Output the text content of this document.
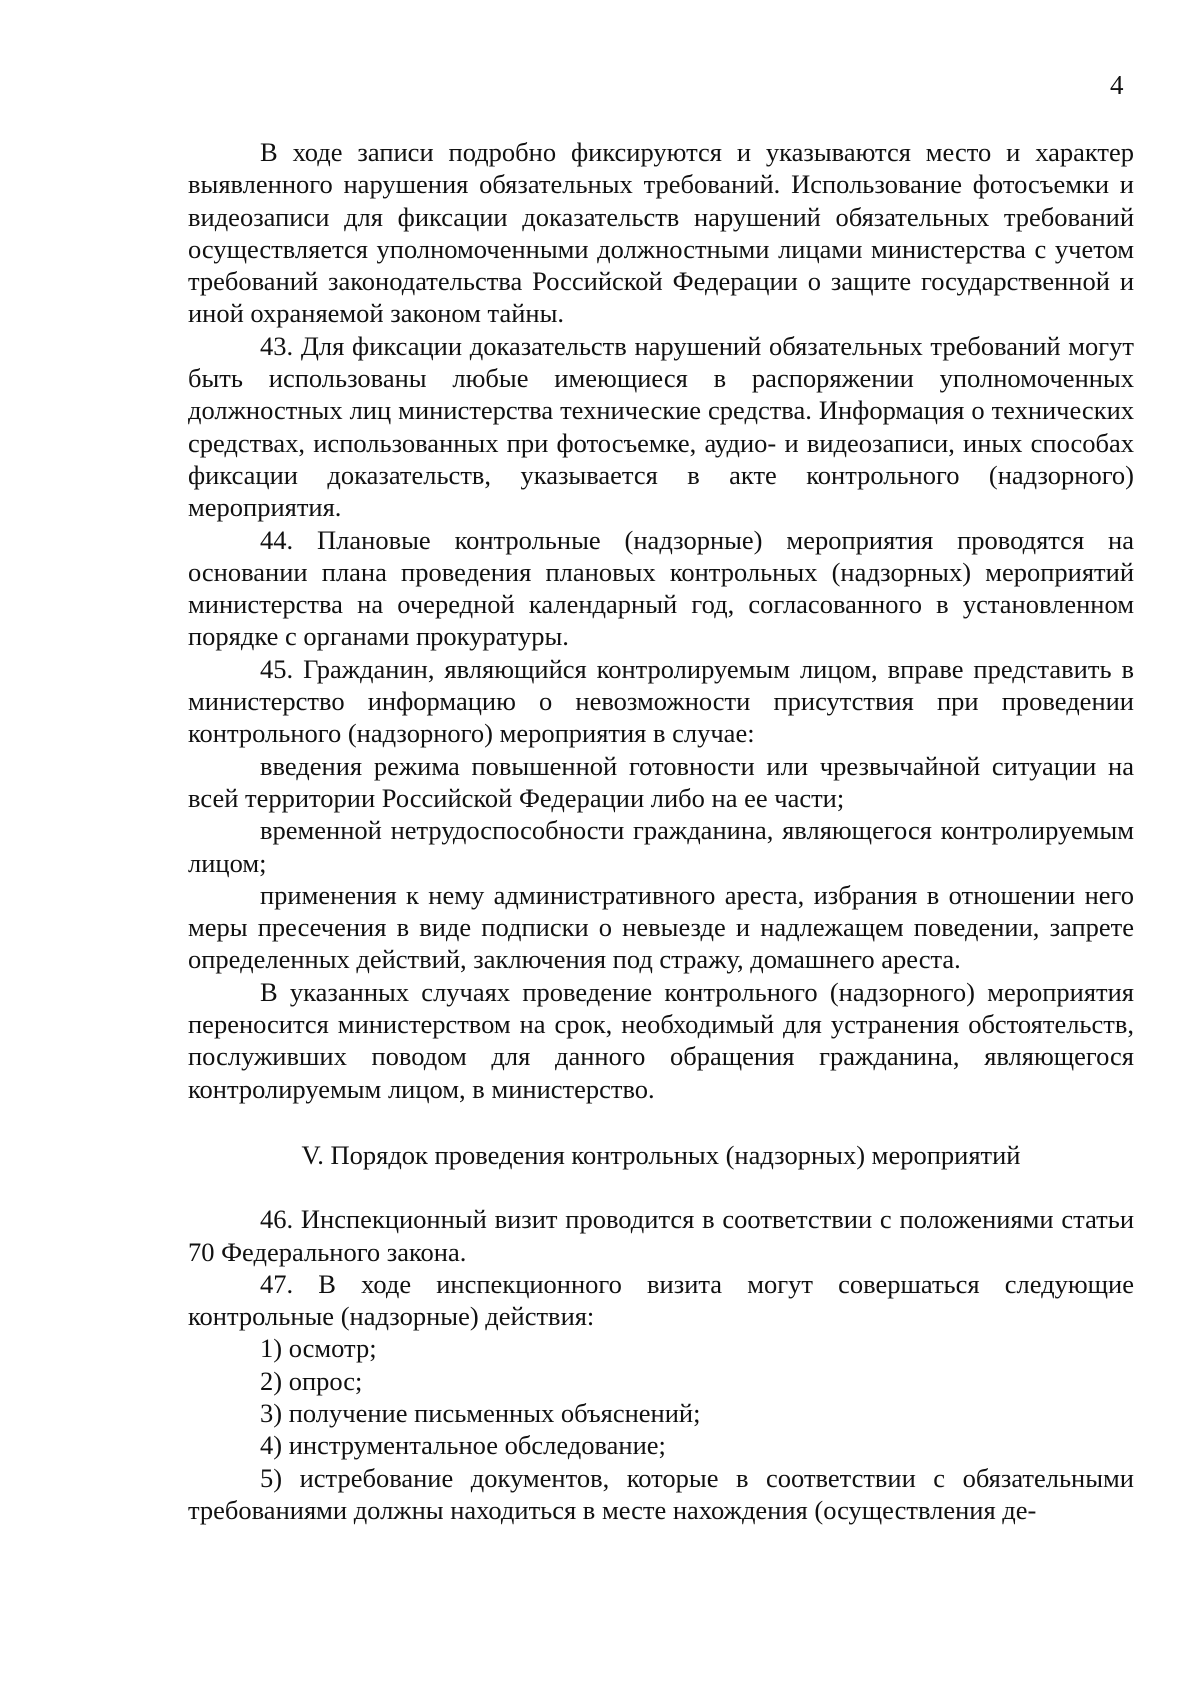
4

В ходе записи подробно фиксируются и указываются место и характер выявленного нарушения обязательных требований. Использование фотосъемки и видеозаписи для фиксации доказательств нарушений обязательных требований осуществляется уполномоченными должностными лицами министерства с учетом требований законодательства Российской Федерации о защите государственной и иной охраняемой законом тайны.

43. Для фиксации доказательств нарушений обязательных требований могут быть использованы любые имеющиеся в распоряжении уполномоченных должностных лиц министерства технические средства. Информация о технических средствах, использованных при фотосъемке, аудио- и видеозаписи, иных способах фиксации доказательств, указывается в акте контрольного (надзорного) мероприятия.

44. Плановые контрольные (надзорные) мероприятия проводятся на основании плана проведения плановых контрольных (надзорных) мероприятий министерства на очередной календарный год, согласованного в установленном порядке с органами прокуратуры.

45. Гражданин, являющийся контролируемым лицом, вправе представить в министерство информацию о невозможности присутствия при проведении контрольного (надзорного) мероприятия в случае:

введения режима повышенной готовности или чрезвычайной ситуации на всей территории Российской Федерации либо на ее части;

временной нетрудоспособности гражданина, являющегося контролируемым лицом;

применения к нему административного ареста, избрания в отношении него меры пресечения в виде подписки о невыезде и надлежащем поведении, запрете определенных действий, заключения под стражу, домашнего ареста.

В указанных случаях проведение контрольного (надзорного) мероприятия переносится министерством на срок, необходимый для устранения обстоятельств, послуживших поводом для данного обращения гражданина, являющегося контролируемым лицом, в министерство.

V. Порядок проведения контрольных (надзорных) мероприятий

46. Инспекционный визит проводится в соответствии с положениями статьи 70 Федерального закона.

47. В ходе инспекционного визита могут совершаться следующие контрольные (надзорные) действия:

1) осмотр;

2) опрос;

3) получение письменных объяснений;

4) инструментальное обследование;

5) истребование документов, которые в соответствии с обязательными требованиями должны находиться в месте нахождения (осуществления де-
